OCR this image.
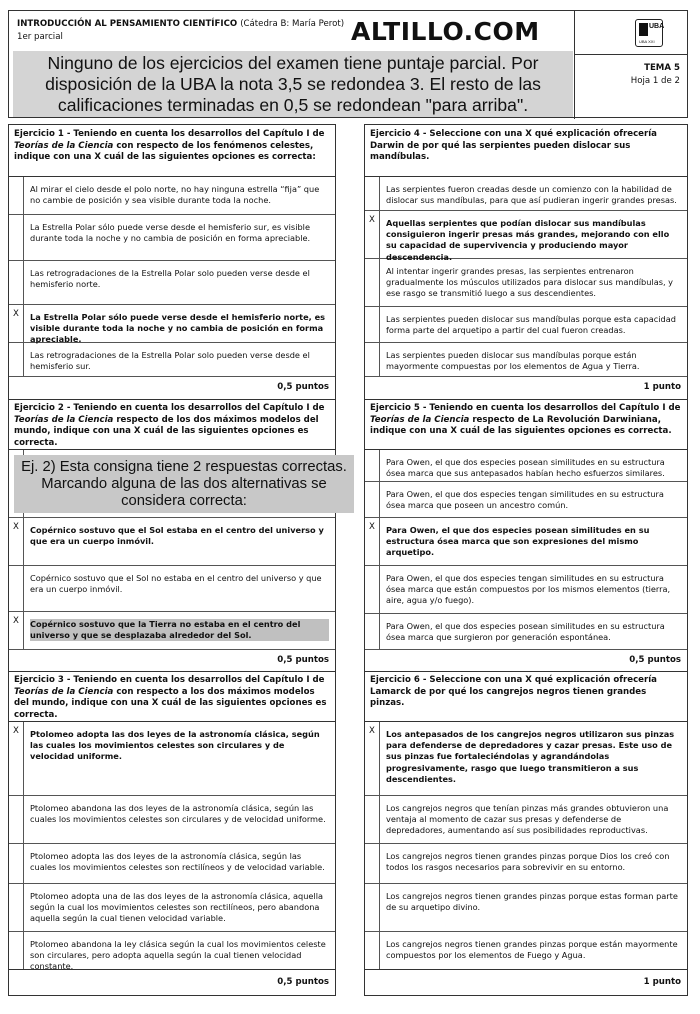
INTRODUCCIÓN AL PENSAMIENTO CIENTÍFICO (Cátedra B: María Perot)
1er parcial	ALTILLO.COM
Ninguno de los ejercicios del examen tiene puntaje parcial. Por disposición de la UBA la nota 3,5 se redondea 3. El resto de las calificaciones terminadas en 0,5 se redondean "para arriba".
UBA
UBA XXI
TEMA 5
Hoja 1 de 2
Ejercicio 1 - Teniendo en cuenta los desarrollos del Capítulo I de Teorías de la Ciencia con respecto de los fenómenos celestes, indique con una X cuál de las siguientes opciones es correcta:
Al mirar el cielo desde el polo norte, no hay ninguna estrella “fija” que no cambie de posición y sea visible durante toda la noche.
La Estrella Polar sólo puede verse desde el hemisferio sur, es visible durante toda la noche y no cambia de posición en forma apreciable.
Las retrogradaciones de la Estrella Polar solo pueden verse desde el hemisferio norte.
X	La Estrella Polar sólo puede verse desde el hemisferio norte, es visible durante toda la noche y no cambia de posición en forma apreciable.
Las retrogradaciones de la Estrella Polar solo pueden verse desde el hemisferio sur.
0,5 puntos
Ejercicio 2 - Teniendo en cuenta los desarrollos del Capítulo I de Teorías de la Ciencia respecto de los dos máximos modelos del mundo, indique con una X cuál de las siguientes opciones es correcta.
X	Copérnico sostuvo que el Sol estaba en el centro del universo y que era un cuerpo inmóvil.
Copérnico sostuvo que el Sol no estaba en el centro del universo y que era un cuerpo inmóvil.
X	Copérnico sostuvo que la Tierra no estaba en el centro del universo y que se desplazaba alrededor del Sol.
Ej. 2) Esta consigna tiene 2 respuestas correctas. Marcando alguna de las dos alternativas se considera correcta:
0,5 puntos
Ejercicio 3 - Teniendo en cuenta los desarrollos del Capítulo I de Teorías de la Ciencia con respecto a los dos máximos modelos del mundo, indique con una X cuál de las siguientes opciones es correcta.
X	Ptolomeo adopta las dos leyes de la astronomía clásica, según las cuales los movimientos celestes son circulares y de velocidad uniforme.
Ptolomeo abandona las dos leyes de la astronomía clásica, según las cuales los movimientos celestes son circulares y de velocidad uniforme.
Ptolomeo adopta las dos leyes de la astronomía clásica, según las cuales los movimientos celestes son rectilíneos y de velocidad variable.
Ptolomeo adopta una de las dos leyes de la astronomía clásica, aquella según la cual los movimientos celestes son rectilíneos, pero abandona aquella según la cual tienen velocidad variable.
Ptolomeo abandona la ley clásica según la cual los movimientos celeste son circulares, pero adopta aquella según la cual tienen velocidad constante.
0,5 puntos
Ejercicio 4 - Seleccione con una X qué explicación ofrecería Darwin de por qué las serpientes pueden dislocar sus mandíbulas.
Las serpientes fueron creadas desde un comienzo con la habilidad de dislocar sus mandíbulas, para que así pudieran ingerir grandes presas.
X	Aquellas serpientes que podían dislocar sus mandíbulas consiguieron ingerir presas más grandes, mejorando con ello su capacidad de supervivencia y produciendo mayor descendencia.
Al intentar ingerir grandes presas, las serpientes entrenaron gradualmente los músculos utilizados para dislocar sus mandíbulas, y ese rasgo se transmitió luego a sus descendientes.
Las serpientes pueden dislocar sus mandíbulas porque esta capacidad forma parte del arquetipo a partir del cual fueron creadas.
Las serpientes pueden dislocar sus mandíbulas porque están mayormente compuestas por los elementos de Agua y Tierra.
1 punto
Ejercicio 5 - Teniendo en cuenta los desarrollos del Capítulo I de Teorías de la Ciencia respecto de La Revolución Darwiniana, indique con una X cuál de las siguientes opciones es correcta.
Para Owen, el que dos especies posean similitudes en su estructura ósea marca que sus antepasados habían hecho esfuerzos similares.
Para Owen, el que dos especies tengan similitudes en su estructura ósea marca que poseen un ancestro común.
X	Para Owen, el que dos especies posean similitudes en su estructura ósea marca que son expresiones del mismo arquetipo.
Para Owen, el que dos especies tengan similitudes en su estructura ósea marca que están compuestos por los mismos elementos (tierra, aire, agua y/o fuego).
Para Owen, el que dos especies posean similitudes en su estructura ósea marca que surgieron por generación espontánea.
0,5 puntos
Ejercicio 6 - Seleccione con una X qué explicación ofrecería Lamarck de por qué los cangrejos negros tienen grandes pinzas.
X	Los antepasados de los cangrejos negros utilizaron sus pinzas para defenderse de depredadores y cazar presas. Este uso de sus pinzas fue fortaleciéndolas y agrandándolas progresivamente, rasgo que luego transmitieron a sus descendientes.
Los cangrejos negros que tenían pinzas más grandes obtuvieron una ventaja al momento de cazar sus presas y defenderse de depredadores, aumentando así sus posibilidades reproductivas.
Los cangrejos negros tienen grandes pinzas porque Dios los creó con todos los rasgos necesarios para sobrevivir en su entorno.
Los cangrejos negros tienen grandes pinzas porque estas forman parte de su arquetipo divino.
Los cangrejos negros tienen grandes pinzas porque están mayormente compuestos por los elementos de Fuego y Agua.
1 punto
